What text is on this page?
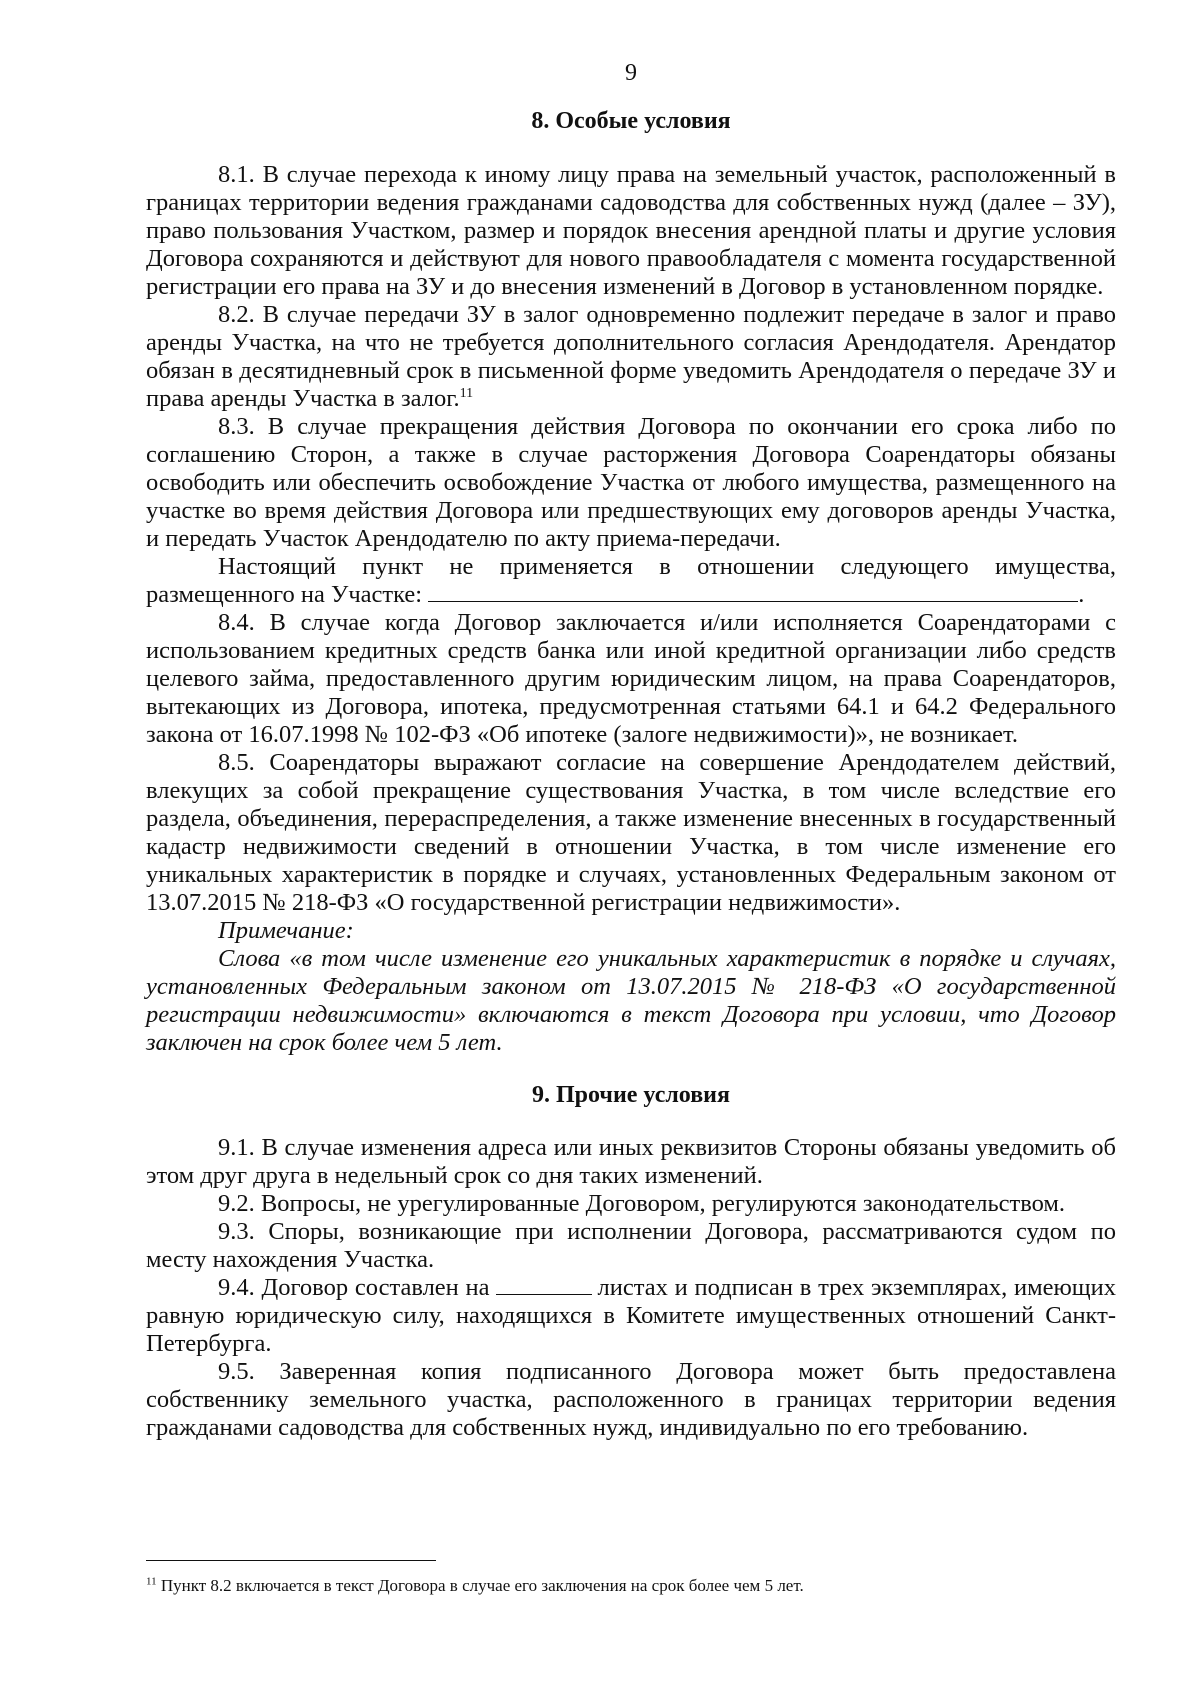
9
8. Особые условия

8.1. В случае перехода к иному лицу права на земельный участок, расположенный в границах территории ведения гражданами садоводства для собственных нужд (далее – ЗУ), право пользования Участком, размер и порядок внесения арендной платы и другие условия Договора сохраняются и действуют для нового правообладателя с момента государственной регистрации его права на ЗУ и до внесения изменений в Договор в установленном порядке.

8.2. В случае передачи ЗУ в залог одновременно подлежит передаче в залог и право аренды Участка, на что не требуется дополнительного согласия Арендодателя. Арендатор обязан в десятидневный срок в письменной форме уведомить Арендодателя о передаче ЗУ и права аренды Участка в залог.$^{11}$

8.3. В случае прекращения действия Договора по окончании его срока либо по соглашению Сторон, а также в случае расторжения Договора Соарендаторы обязаны освободить или обеспечить освобождение Участка от любого имущества, размещенного на участке во время действия Договора или предшествующих ему договоров аренды Участка, и передать Участок Арендодателю по акту приема-передачи.

Настоящий пункт не применяется в отношении следующего имущества, размещенного на Участке:	.

8.4. В случае когда Договор заключается и/или исполняется Соарендаторами с использованием кредитных средств банка или иной кредитной организации либо средств целевого займа, предоставленного другим юридическим лицом, на права Соарендаторов, вытекающих из Договора, ипотека, предусмотренная статьями 64.1 и 64.2 Федерального закона от 16.07.1998 № 102-ФЗ «Об ипотеке (залоге недвижимости)», не возникает.

8.5. Соарендаторы выражают согласие на совершение Арендодателем действий, влекущих за собой прекращение существования Участка, в том числе вследствие его раздела, объединения, перераспределения, а также изменение внесенных в государственный кадастр недвижимости сведений в отношении Участка, в том числе изменение его уникальных характеристик в порядке и случаях, установленных Федеральным законом от 13.07.2015 № 218-ФЗ «О государственной регистрации недвижимости».

Примечание:

Слова «в том числе изменение его уникальных характеристик в порядке и случаях, установленных Федеральным законом от 13.07.2015 № 218-ФЗ «О государственной регистрации недвижимости» включаются в текст Договора при условии, что Договор заключен на срок более чем 5 лет.

9. Прочие условия

9.1. В случае изменения адреса или иных реквизитов Стороны обязаны уведомить об этом друг друга в недельный срок со дня таких изменений.

9.2. Вопросы, не урегулированные Договором, регулируются законодательством.

9.3. Споры, возникающие при исполнении Договора, рассматриваются судом по месту нахождения Участка.

9.4. Договор составлен на	листах и подписан в трех экземплярах, имеющих равную юридическую силу, находящихся в Комитете имущественных отношений Санкт-Петербурга.

9.5. Заверенная копия подписанного Договора может быть предоставлена собственнику земельного участка, расположенного в границах территории ведения гражданами садоводства для собственных нужд, индивидуально по его требованию.

$^{11}$ Пункт 8.2 включается в текст Договора в случае его заключения на срок более чем 5 лет.
